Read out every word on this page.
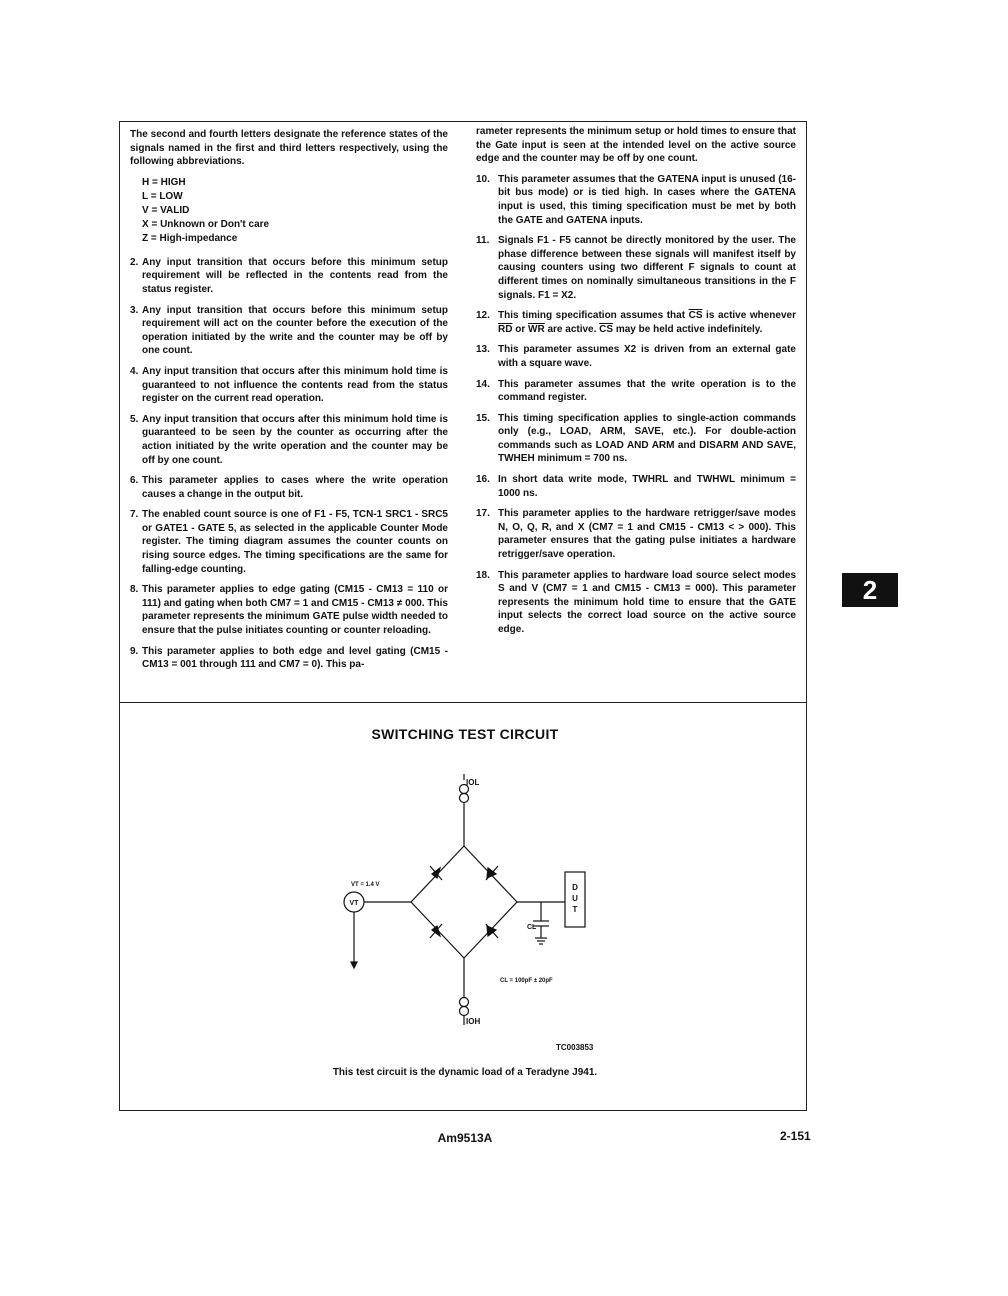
The second and fourth letters designate the reference states of the signals named in the first and third letters respectively, using the following abbreviations.

H = HIGH
L = LOW
V = VALID
X = Unknown or Don't care
Z = High-impedance
2. Any input transition that occurs before this minimum setup requirement will be reflected in the contents read from the status register.
3. Any input transition that occurs before this minimum setup requirement will act on the counter before the execution of the operation initiated by the write and the counter may be off by one count.
4. Any input transition that occurs after this minimum hold time is guaranteed to not influence the contents read from the status register on the current read operation.
5. Any input transition that occurs after this minimum hold time is guaranteed to be seen by the counter as occurring after the action initiated by the write operation and the counter may be off by one count.
6. This parameter applies to cases where the write operation causes a change in the output bit.
7. The enabled count source is one of F1 - F5, TCN-1 SRC1 - SRC5 or GATE1 - GATE 5, as selected in the applicable Counter Mode register. The timing diagram assumes the counter counts on rising source edges. The timing specifications are the same for falling-edge counting.
8. This parameter applies to edge gating (CM15 - CM13 = 110 or 111) and gating when both CM7 = 1 and CM15 - CM13 ≠ 000. This parameter represents the minimum GATE pulse width needed to ensure that the pulse initiates counting or counter reloading.
9. This parameter applies to both edge and level gating (CM15 - CM13 = 001 through 111 and CM7 = 0). This pa-

rameter represents the minimum setup or hold times to ensure that the Gate input is seen at the intended level on the active source edge and the counter may be off by one count.

10. This parameter assumes that the GATENA input is unused (16-bit bus mode) or is tied high. In cases where the GATENA input is used, this timing specification must be met by both the GATE and GATENA inputs.
11. Signals F1 - F5 cannot be directly monitored by the user. The phase difference between these signals will manifest itself by causing counters using two different F signals to count at different times on nominally simultaneous transitions in the F signals. F1 = X2.
12. This timing specification assumes that $\overline{CS}$ is active whenever $\overline{RD}$ or $\overline{WR}$ are active. $\overline{CS}$ may be held active indefinitely.
13. This parameter assumes X2 is driven from an external gate with a square wave.
14. This parameter assumes that the write operation is to the command register.
15. This timing specification applies to single-action commands only (e.g., LOAD, ARM, SAVE, etc.). For double-action commands such as LOAD AND ARM and DISARM AND SAVE, TWHEH minimum = 700 ns.
16. In short data write mode, TWHRL and TWHWL minimum = 1000 ns.
17. This parameter applies to the hardware retrigger/save modes N, O, Q, R, and X (CM7 = 1 and CM15 - CM13 < > 000). This parameter ensures that the gating pulse initiates a hardware retrigger/save operation.
18. This parameter applies to hardware load source select modes S and V (CM7 = 1 and CM15 - CM13 = 000). This parameter represents the minimum hold time to ensure that the GATE input selects the correct load source on the active source edge.
2
SWITCHING TEST CIRCUIT
IOL
IOH
VT = 1.4 V
VT
CL
CL = 100pF ± 20pF
D
U
T
TC003853
This test circuit is the dynamic load of a Teradyne J941.
Am9513A	2-151
